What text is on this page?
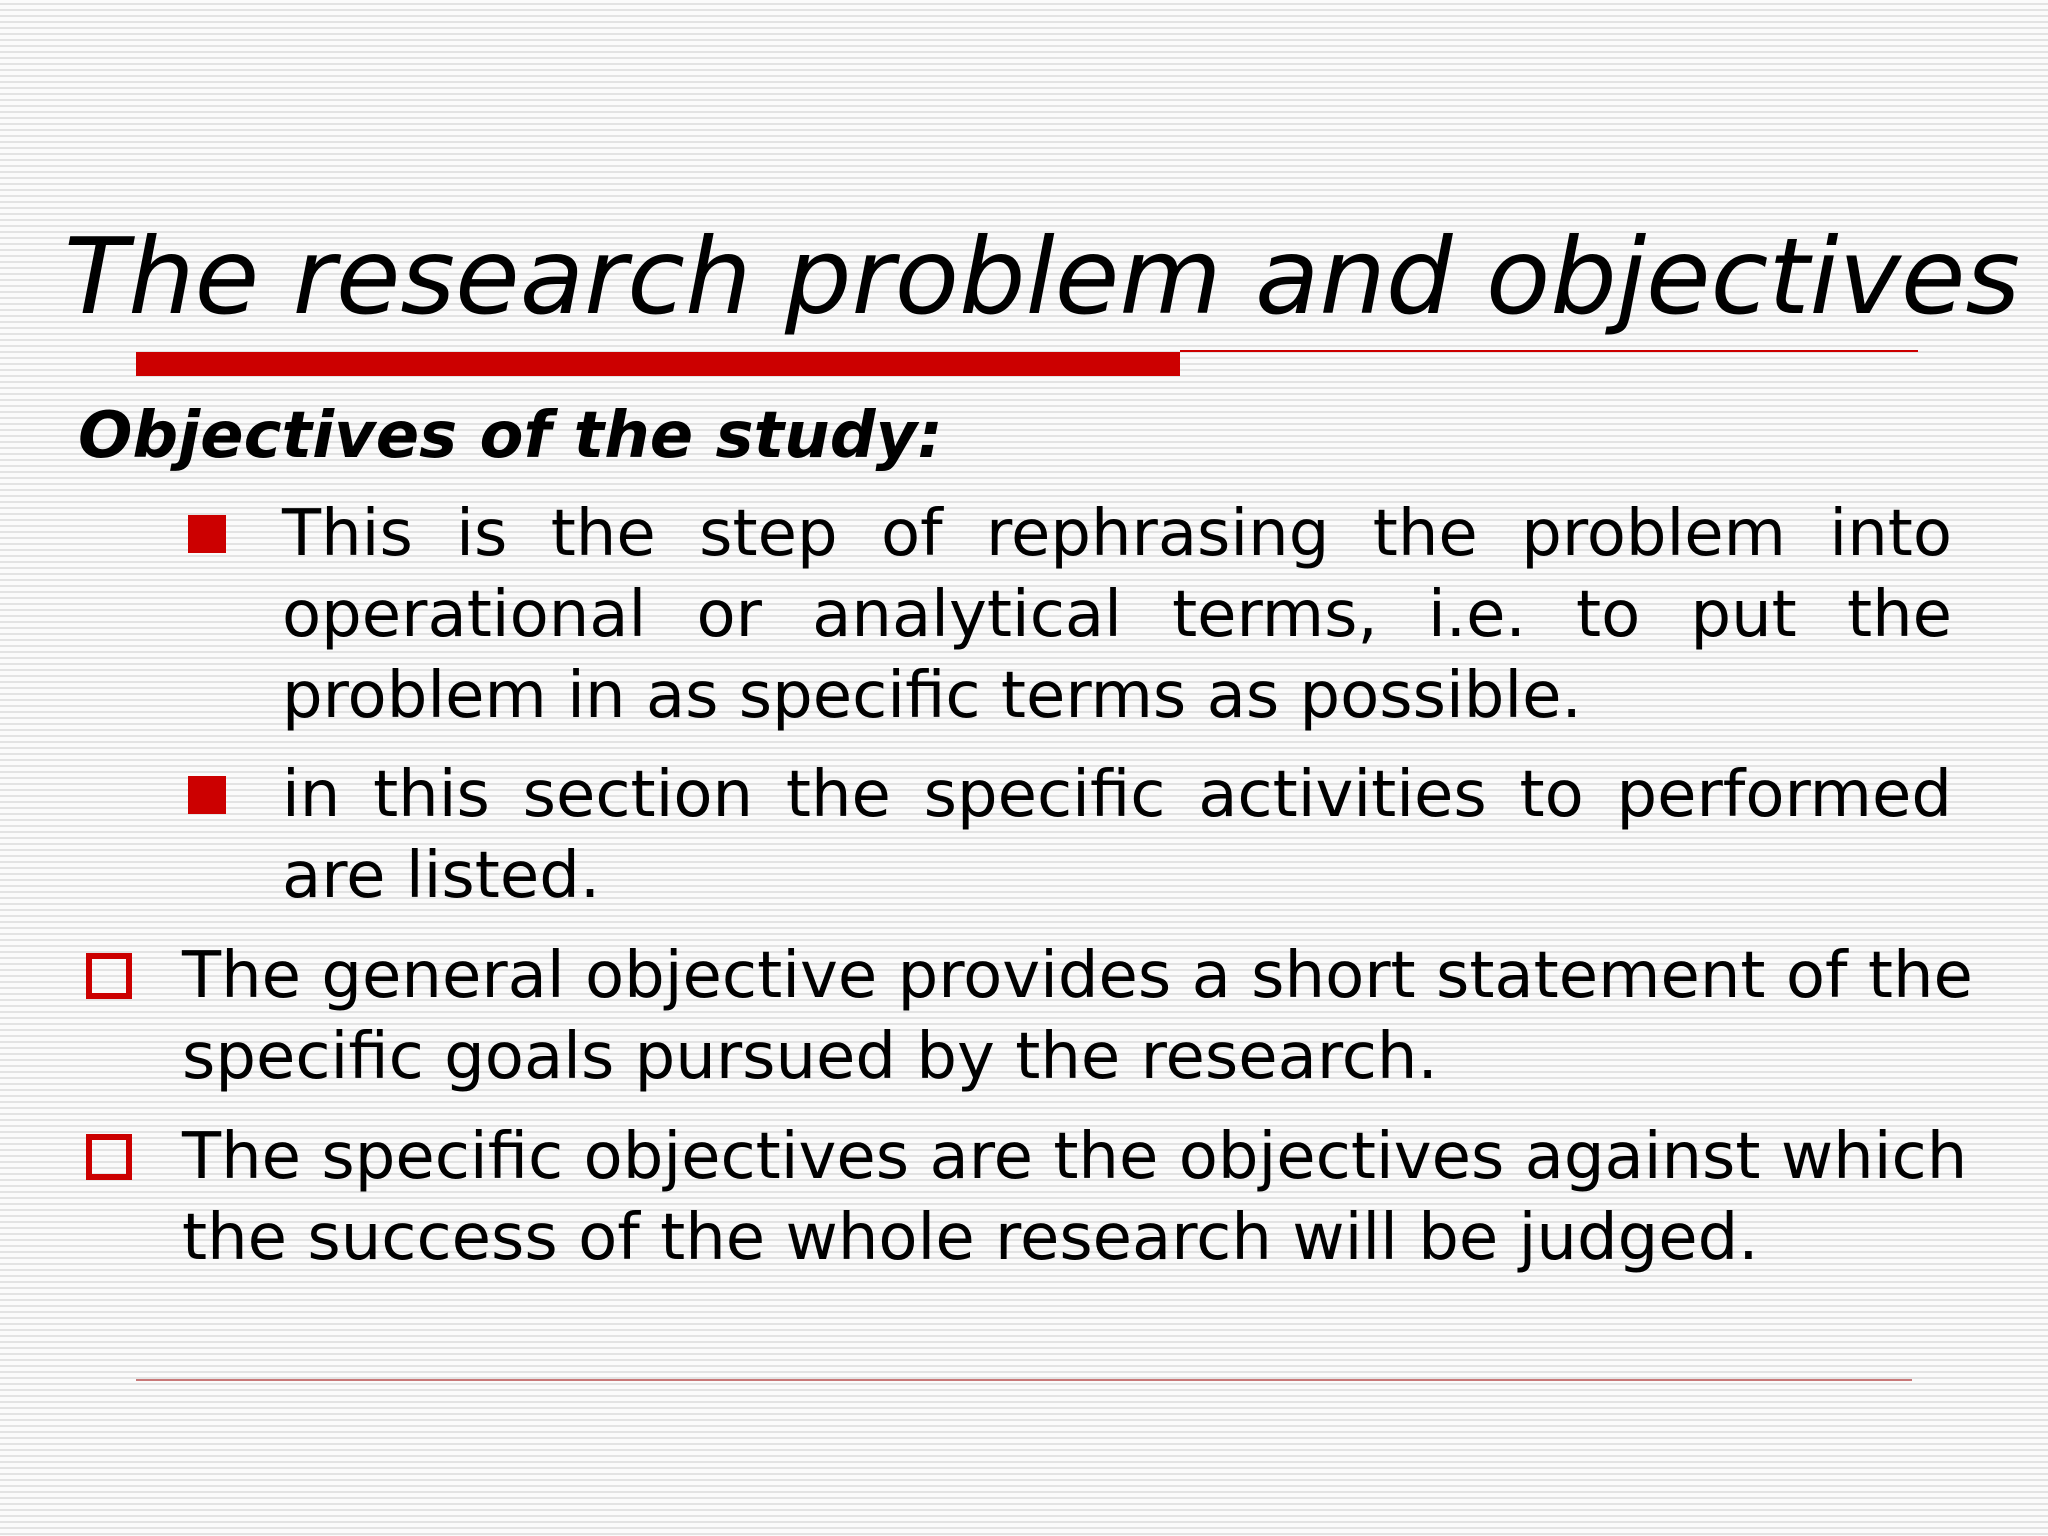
The research problem and objectives
Objectives of the study:
This is the step of rephrasing the problem into operational or analytical terms, i.e. to put the problem in as specific terms as possible.
in this section the specific activities to performed are listed.
The general objective provides a short statement of the specific goals pursued by the research.
The specific objectives are the objectives against which the success of the whole research will be judged.
